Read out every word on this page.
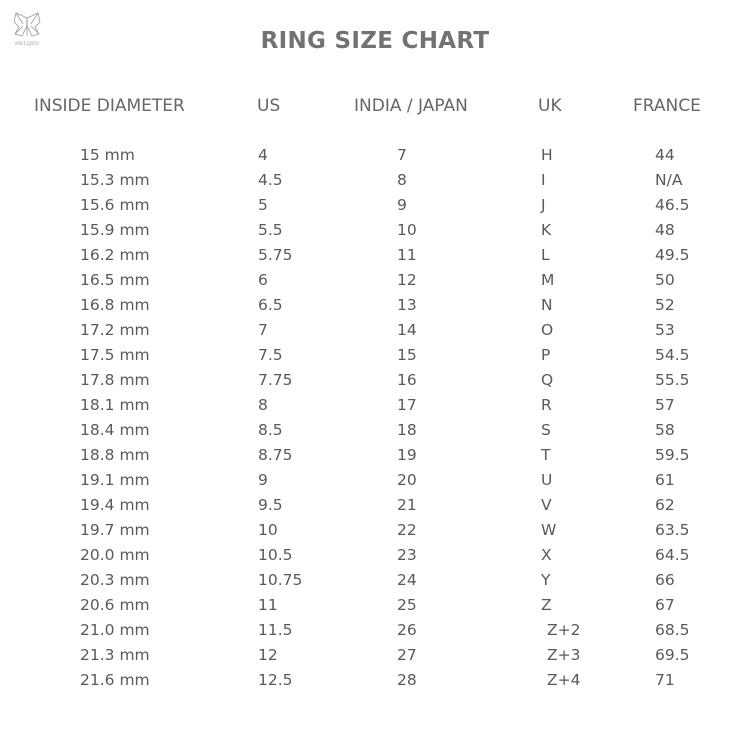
MELIJEN	RING SIZE CHART
INSIDE DIAMETER	US	INDIA / JAPAN	UK	FRANCE
15 mm	4	7	H	44
15.3 mm	4.5	8	I	N/A
15.6 mm	5	9	J	46.5
15.9 mm	5.5	10	K	48
16.2 mm	5.75	11	L	49.5
16.5 mm	6	12	M	50
16.8 mm	6.5	13	N	52
17.2 mm	7	14	O	53
17.5 mm	7.5	15	P	54.5
17.8 mm	7.75	16	Q	55.5
18.1 mm	8	17	R	57
18.4 mm	8.5	18	S	58
18.8 mm	8.75	19	T	59.5
19.1 mm	9	20	U	61
19.4 mm	9.5	21	V	62
19.7 mm	10	22	W	63.5
20.0 mm	10.5	23	X	64.5
20.3 mm	10.75	24	Y	66
20.6 mm	11	25	Z	67
21.0 mm	11.5	26	Z+2	68.5
21.3 mm	12	27	Z+3	69.5
21.6 mm	12.5	28	Z+4	71
